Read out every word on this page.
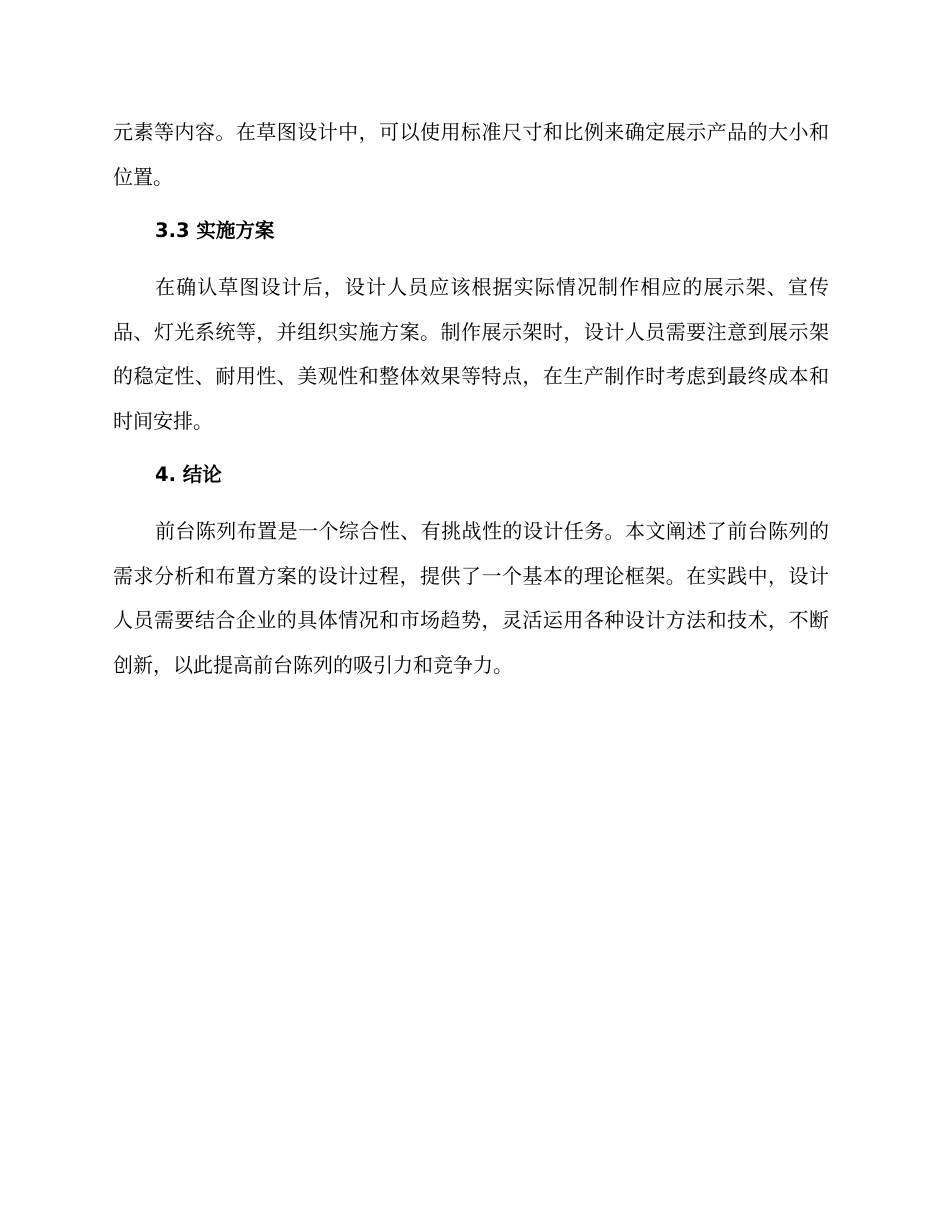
元素等内容。在草图设计中，可以使用标准尺寸和比例来确定展示产品的大小和位置。

3.3 实施方案

在确认草图设计后，设计人员应该根据实际情况制作相应的展示架、宣传品、灯光系统等，并组织实施方案。制作展示架时，设计人员需要注意到展示架的稳定性、耐用性、美观性和整体效果等特点，在生产制作时考虑到最终成本和时间安排。

4. 结论

前台陈列布置是一个综合性、有挑战性的设计任务。本文阐述了前台陈列的需求分析和布置方案的设计过程，提供了一个基本的理论框架。在实践中，设计人员需要结合企业的具体情况和市场趋势，灵活运用各种设计方法和技术，不断创新，以此提高前台陈列的吸引力和竞争力。
